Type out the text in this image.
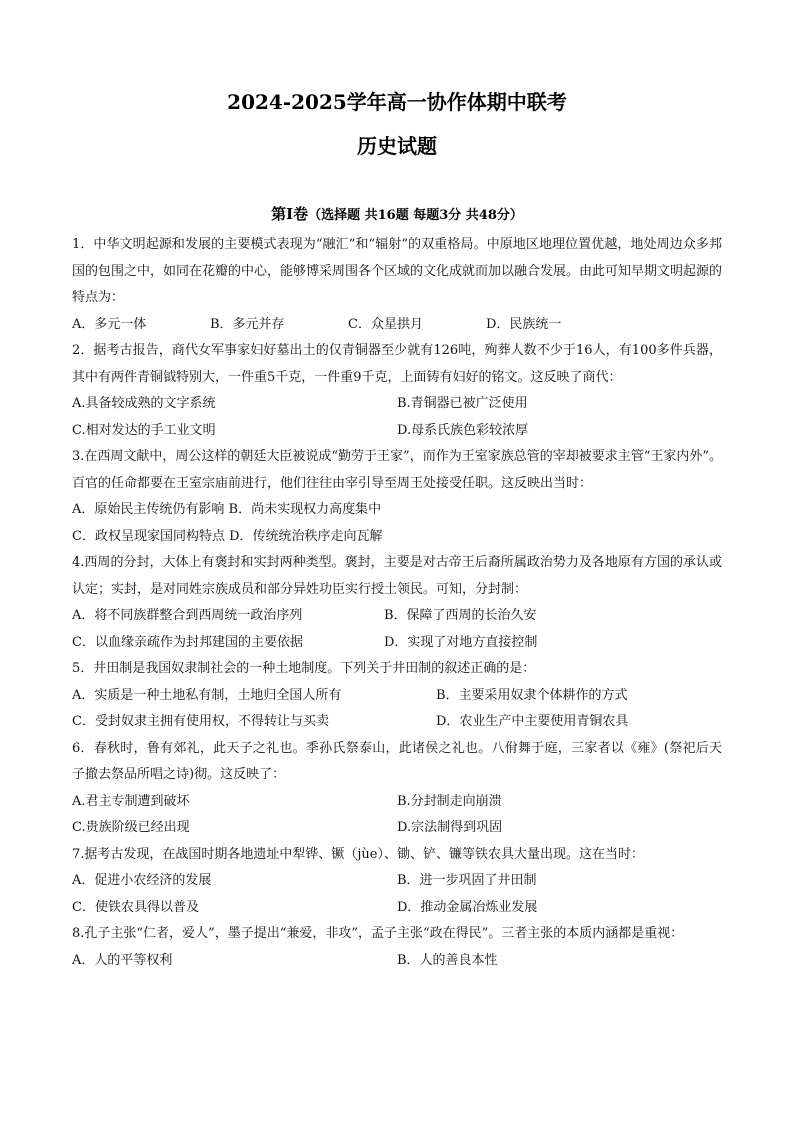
2024-2025学年高一协作体期中联考
历史试题
第Ⅰ卷（选择题 共16题 每题3分 共48分）

1．中华文明起源和发展的主要模式表现为“融汇”和“辐射”的双重格局。中原地区地理位置优越，地处周边众多邦国的包围之中，如同在花瓣的中心，能够博采周围各个区域的文化成就而加以融合发展。由此可知早期文明起源的特点为：

A．多元一体	B．多元并存	C．众星拱月	D．民族统一

2．据考古报告，商代女军事家妇好墓出土的仅青铜器至少就有126吨，殉葬人数不少于16人，有100多件兵器，其中有两件青铜钺特别大，一件重5千克，一件重9千克，上面铸有妇好的铭文。这反映了商代：

A.具备较成熟的文字系统	B.青铜器已被广泛使用
C.相对发达的手工业文明	D.母系氏族色彩较浓厚

3.在西周文献中，周公这样的朝廷大臣被说成“勤劳于王家”，而作为王室家族总管的宰却被要求主管“王家内外”。百官的任命都要在王室宗庙前进行，他们往往由宰引导至周王处接受任职。这反映出当时：

A．原始民主传统仍有影响 B．尚未实现权力高度集中
C．政权呈现家国同构特点 D．传统统治秩序走向瓦解

4.西周的分封，大体上有褒封和实封两种类型。褒封，主要是对古帝王后裔所属政治势力及各地原有方国的承认或认定；实封，是对同姓宗族成员和部分异姓功臣实行授土领民。可知，分封制：

A．将不同族群整合到西周统一政治序列	B．保障了西周的长治久安
C．以血缘亲疏作为封邦建国的主要依据	D．实现了对地方直接控制

5．井田制是我国奴隶制社会的一种土地制度。下列关于井田制的叙述正确的是：

A．实质是一种土地私有制，土地归全国人所有	B．主要采用奴隶个体耕作的方式
C．受封奴隶主拥有使用权，不得转让与买卖	D．农业生产中主要使用青铜农具

6．春秋时，鲁有郊礼，此天子之礼也。季孙氏祭泰山，此诸侯之礼也。八佾舞于庭，三家者以《雍》(祭祀后天子撤去祭品所唱之诗)彻。这反映了：

A.君主专制遭到破坏	B.分封制走向崩溃
C.贵族阶级已经出现	D.宗法制得到巩固

7.据考古发现，在战国时期各地遗址中犁铧、镢（jùe）、锄、铲、镰等铁农具大量出现。这在当时：

A．促进小农经济的发展	B．进一步巩固了井田制
C．使铁农具得以普及	D．推动金属冶炼业发展

8.孔子主张“仁者，爱人”，墨子提出“兼爱，非攻”，孟子主张“政在得民”。三者主张的本质内涵都是重视：

A．人的平等权利	B．人的善良本性
